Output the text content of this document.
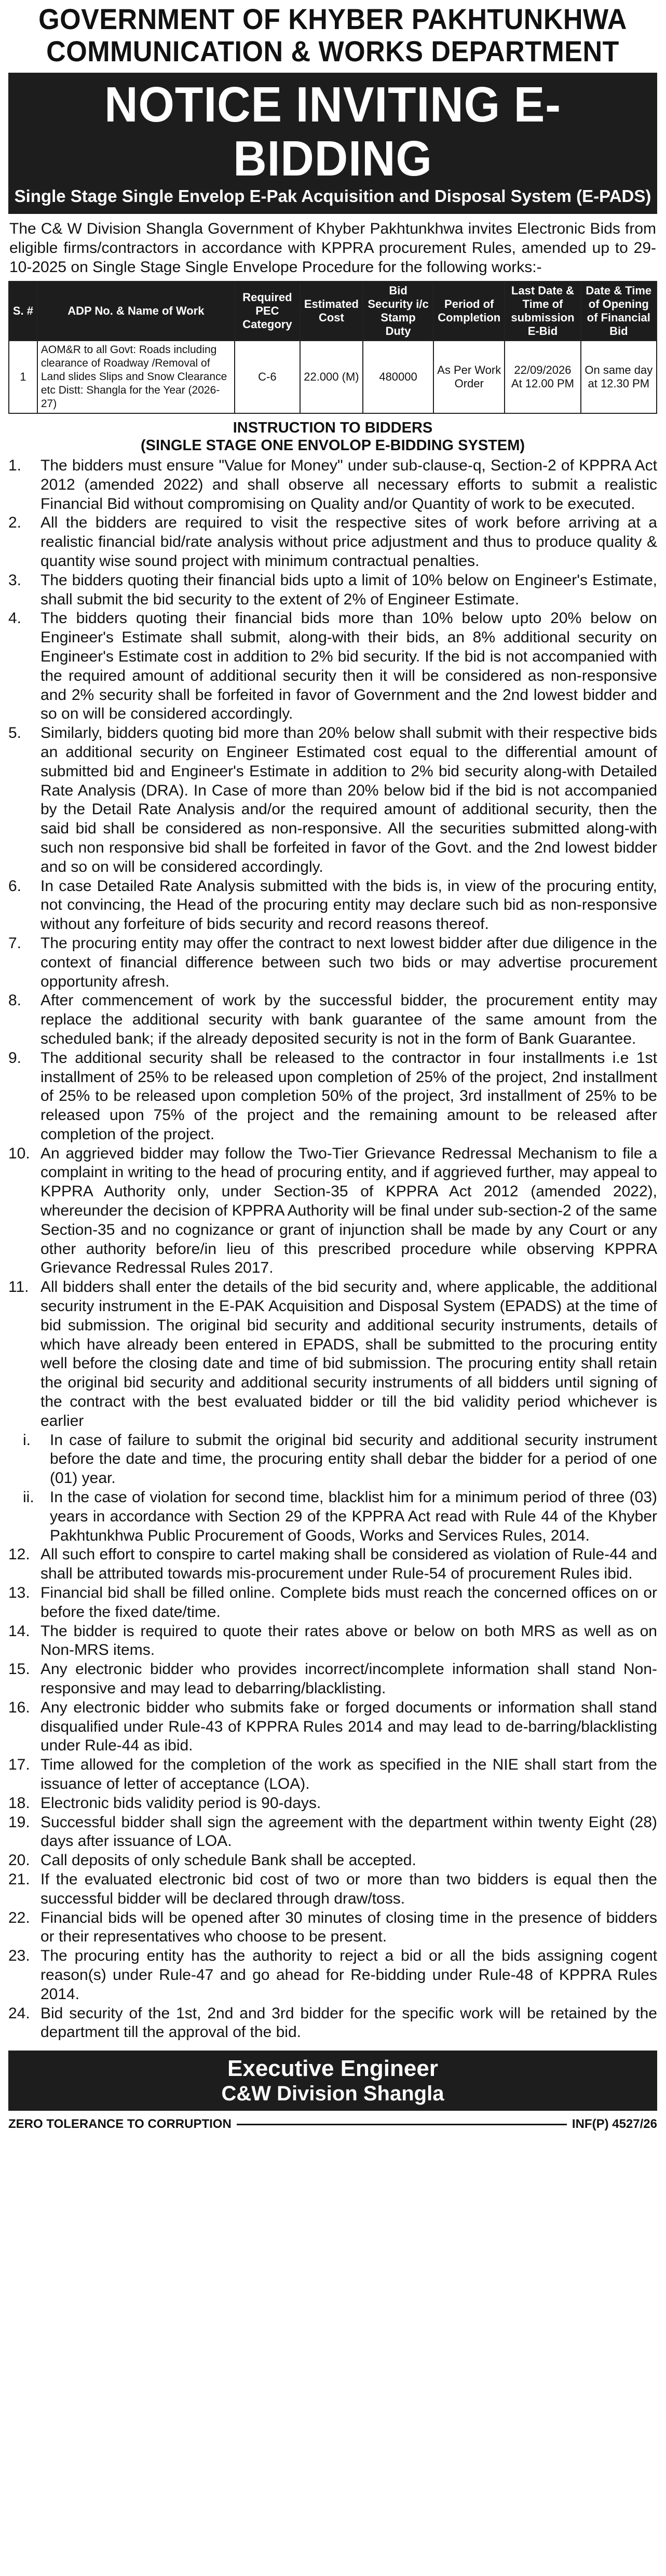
GOVERNMENT OF KHYBER PAKHTUNKHWA
COMMUNICATION & WORKS DEPARTMENT
NOTICE INVITING E-BIDDING
Single Stage Single Envelop E-Pak Acquisition and Disposal System (E-PADS)
The C& W Division Shangla Government of Khyber Pakhtunkhwa invites Electronic Bids from eligible firms/contractors in accordance with KPPRA procurement Rules, amended up to 29-10-2025 on Single Stage Single Envelope Procedure for the following works:-
S. #	ADP No. & Name of Work	Required PEC Category	Estimated Cost	Bid Security i/c Stamp Duty	Period of Completion	Last Date & Time of submission E-Bid	Date & Time of Opening of Financial Bid
1	AOM&R to all Govt: Roads including clearance of Roadway /Removal of Land slides Slips and Snow Clearance etc Distt: Shangla for the Year (2026-27)	C-6	22.000 (M)	480000	As Per Work Order	22/09/2026 At 12.00 PM	On same day at 12.30 PM
INSTRUCTION TO BIDDERS
(SINGLE STAGE ONE ENVOLOP E-BIDDING SYSTEM)
1.	The bidders must ensure "Value for Money" under sub-clause-q, Section-2 of KPPRA Act 2012 (amended 2022) and shall observe all necessary efforts to submit a realistic Financial Bid without compromising on Quality and/or Quantity of work to be executed.
2.	All the bidders are required to visit the respective sites of work before arriving at a realistic financial bid/rate analysis without price adjustment and thus to produce quality & quantity wise sound project with minimum contractual penalties.
3.	The bidders quoting their financial bids upto a limit of 10% below on Engineer's Estimate, shall submit the bid security to the extent of 2% of Engineer Estimate.
4.	The bidders quoting their financial bids more than 10% below upto 20% below on Engineer's Estimate shall submit, along-with their bids, an 8% additional security on Engineer's Estimate cost in addition to 2% bid security. If the bid is not accompanied with the required amount of additional security then it will be considered as non-responsive and 2% security shall be forfeited in favor of Government and the 2nd lowest bidder and so on will be considered accordingly.
5.	Similarly, bidders quoting bid more than 20% below shall submit with their respective bids an additional security on Engineer Estimated cost equal to the differential amount of submitted bid and Engineer's Estimate in addition to 2% bid security along-with Detailed Rate Analysis (DRA). In Case of more than 20% below bid if the bid is not accompanied by the Detail Rate Analysis and/or the required amount of additional security, then the said bid shall be considered as non-responsive. All the securities submitted along-with such non responsive bid shall be forfeited in favor of the Govt. and the 2nd lowest bidder and so on will be considered accordingly.
6.	In case Detailed Rate Analysis submitted with the bids is, in view of the procuring entity, not convincing, the Head of the procuring entity may declare such bid as non-responsive without any forfeiture of bids security and record reasons thereof.
7.	The procuring entity may offer the contract to next lowest bidder after due diligence in the context of financial difference between such two bids or may advertise procurement opportunity afresh.
8.	After commencement of work by the successful bidder, the procurement entity may replace the additional security with bank guarantee of the same amount from the scheduled bank; if the already deposited security is not in the form of Bank Guarantee.
9.	The additional security shall be released to the contractor in four installments i.e 1st installment of 25% to be released upon completion of 25% of the project, 2nd installment of 25% to be released upon completion 50% of the project, 3rd installment of 25% to be released upon 75% of the project and the remaining amount to be released after completion of the project.
10. An aggrieved bidder may follow the Two-Tier Grievance Redressal Mechanism to file a complaint in writing to the head of procuring entity, and if aggrieved further, may appeal to KPPRA Authority only, under Section-35 of KPPRA Act 2012 (amended 2022), whereunder the decision of KPPRA Authority will be final under sub-section-2 of the same Section-35 and no cognizance or grant of injunction shall be made by any Court or any other authority before/in lieu of this prescribed procedure while observing KPPRA Grievance Redressal Rules 2017.
11. All bidders shall enter the details of the bid security and, where applicable, the additional security instrument in the E-PAK Acquisition and Disposal System (EPADS) at the time of bid submission. The original bid security and additional security instruments, details of which have already been entered in EPADS, shall be submitted to the procuring entity well before the closing date and time of bid submission. The procuring entity shall retain the original bid security and additional security instruments of all bidders until signing of the contract with the best evaluated bidder or till the bid validity period whichever is earlier
i.	In case of failure to submit the original bid security and additional security instrument before the date and time, the procuring entity shall debar the bidder for a period of one (01) year.
ii.	In the case of violation for second time, blacklist him for a minimum period of three (03) years in accordance with Section 29 of the KPPRA Act read with Rule 44 of the Khyber Pakhtunkhwa Public Procurement of Goods, Works and Services Rules, 2014.
12. All such effort to conspire to cartel making shall be considered as violation of Rule-44 and shall be attributed towards mis-procurement under Rule-54 of procurement Rules ibid.
13. Financial bid shall be filled online. Complete bids must reach the concerned offices on or before the fixed date/time.
14. The bidder is required to quote their rates above or below on both MRS as well as on Non-MRS items.
15. Any electronic bidder who provides incorrect/incomplete information shall stand Non-responsive and may lead to debarring/blacklisting.
16. Any electronic bidder who submits fake or forged documents or information shall stand disqualified under Rule-43 of KPPRA Rules 2014 and may lead to de-barring/blacklisting under Rule-44 as ibid.
17. Time allowed for the completion of the work as specified in the NIE shall start from the issuance of letter of acceptance (LOA).
18. Electronic bids validity period is 90-days.
19. Successful bidder shall sign the agreement with the department within twenty Eight (28) days after issuance of LOA.
20. Call deposits of only schedule Bank shall be accepted.
21. If the evaluated electronic bid cost of two or more than two bidders is equal then the successful bidder will be declared through draw/toss.
22. Financial bids will be opened after 30 minutes of closing time in the presence of bidders or their representatives who choose to be present.
23. The procuring entity has the authority to reject a bid or all the bids assigning cogent reason(s) under Rule-47 and go ahead for Re-bidding under Rule-48 of KPPRA Rules 2014.
24. Bid security of the 1st, 2nd and 3rd bidder for the specific work will be retained by the department till the approval of the bid.
Executive Engineer
C&W Division Shangla
ZERO TOLERANCE TO CORRUPTION	INF(P) 4527/26
